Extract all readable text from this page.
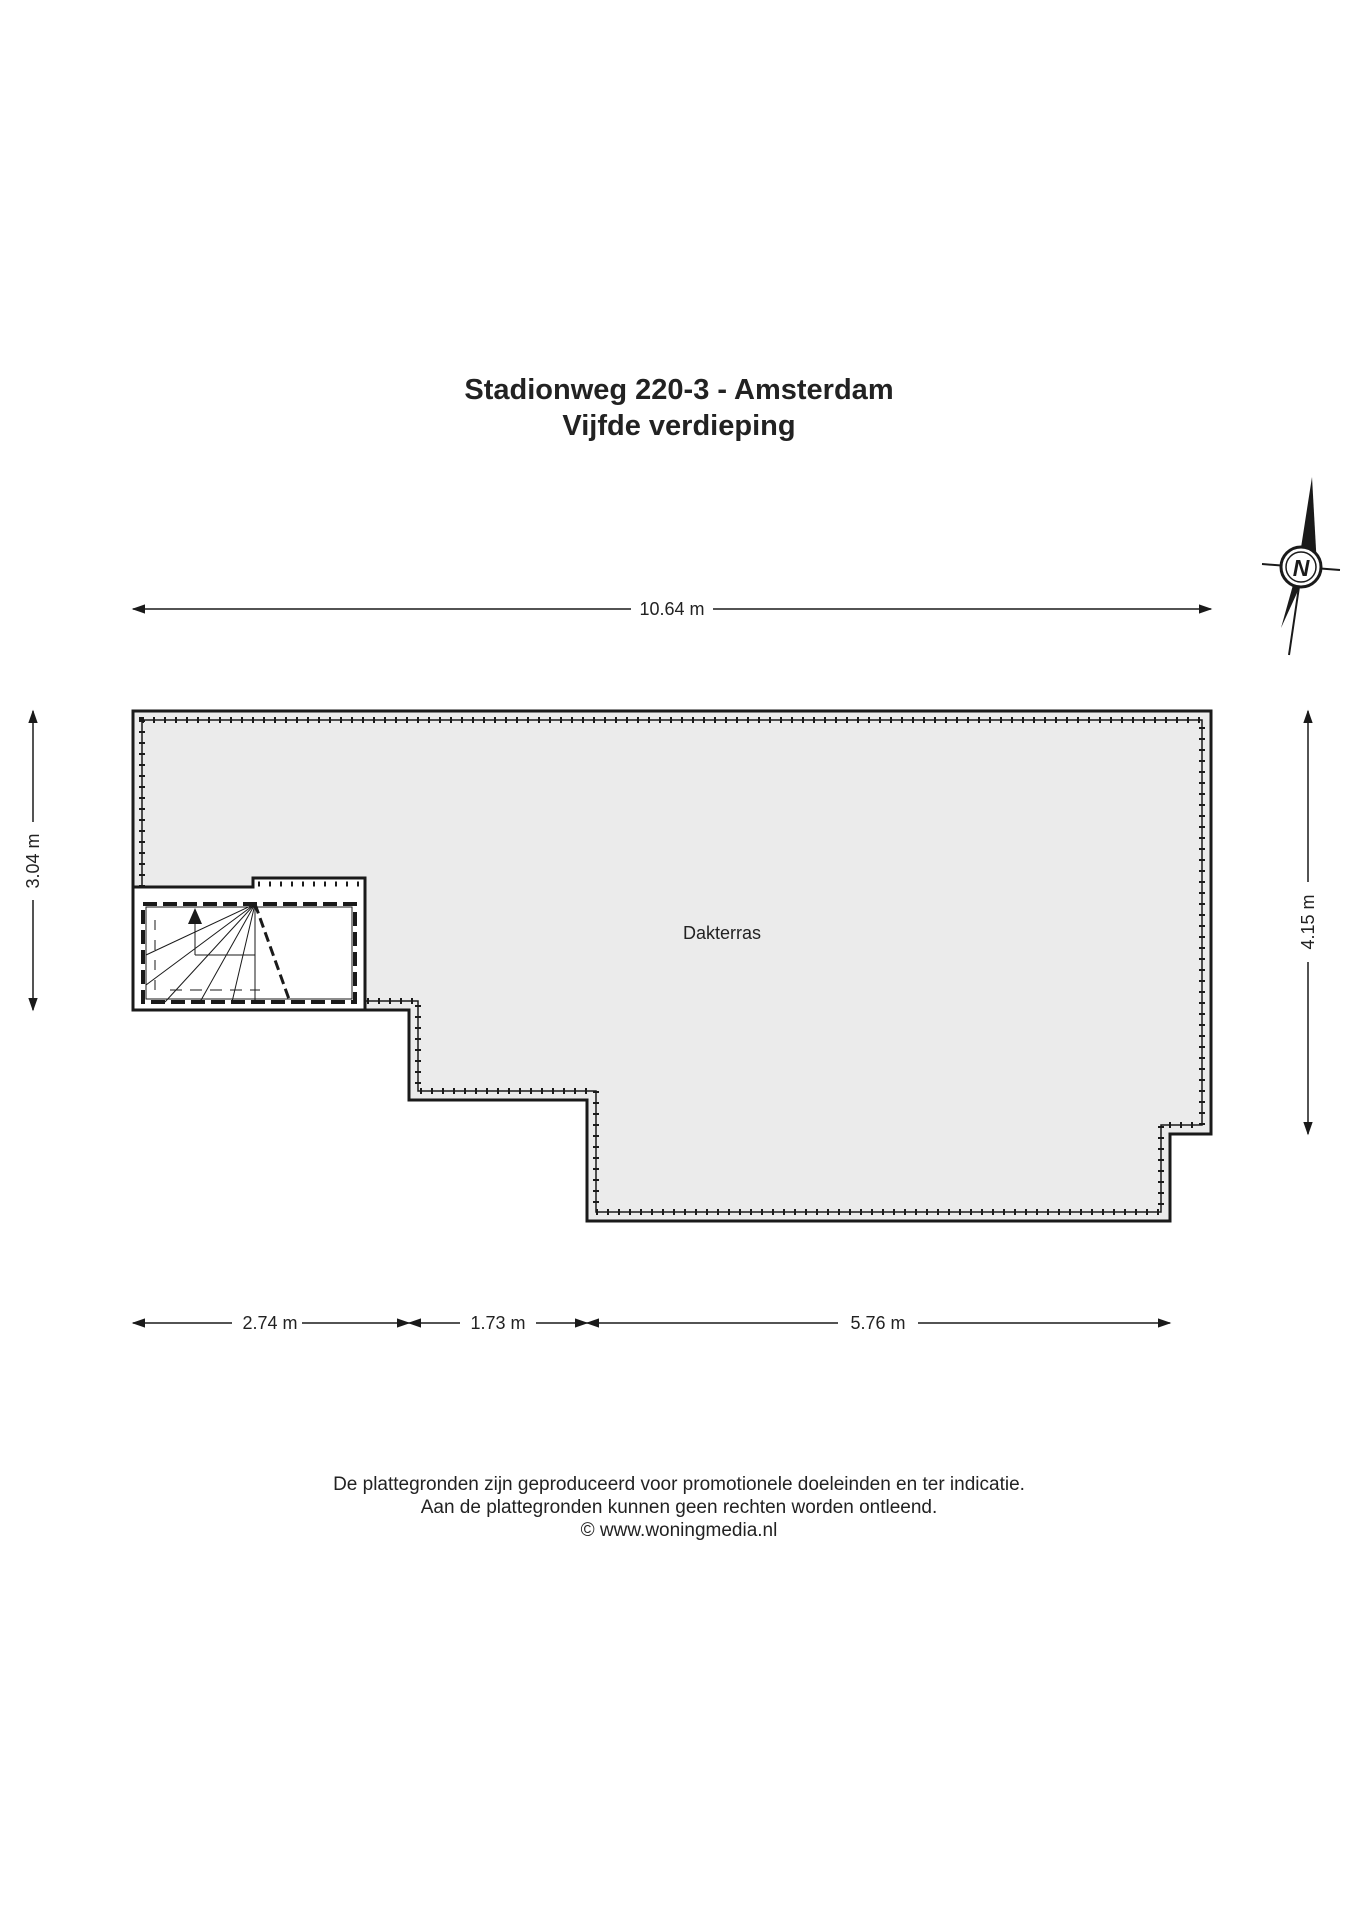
Stadionweg 220-3 - Amsterdam
Vijfde verdieping
Dakterras
10.64 m
3.04 m
4.15 m
2.74 m	1.73 m	5.76 m
N
De plattegronden zijn geproduceerd voor promotionele doeleinden en ter indicatie.
Aan de plattegronden kunnen geen rechten worden ontleend.
© www.woningmedia.nl
